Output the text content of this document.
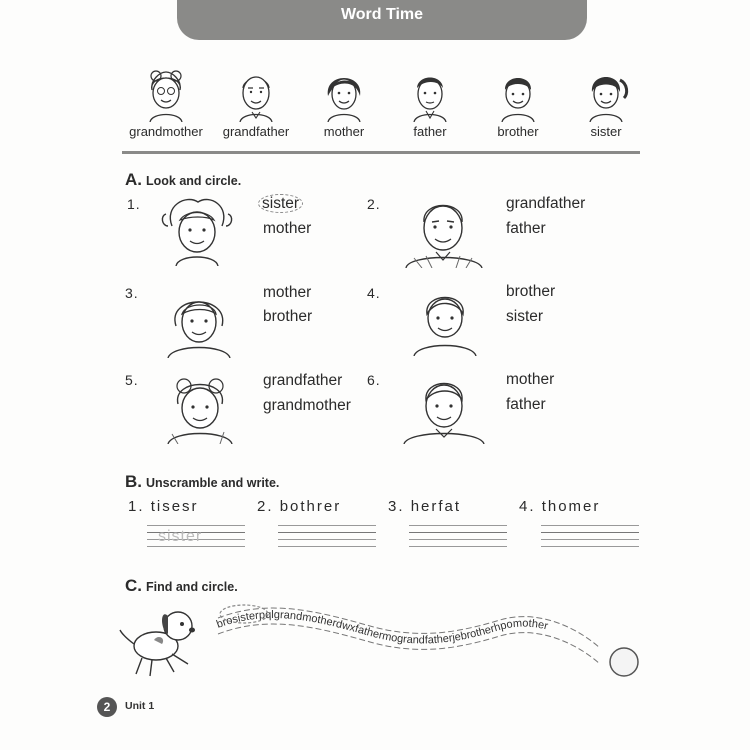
Word Time
grandmother	grandfather	mother	father	brother	sister
A. Look and circle.
1.	sister
mother
2.	grandfather
father
3.	mother
brother
4.	brother
sister
5.	grandfather
grandmother
6.	mother
father
B. Unscramble and write.
1. tisesr	2. bothrer	3. herfat	4. thomer
sister
C. Find and circle.
brosisterpqlgrandmotherdwxfathermograndfatherjebrotherhpomother
2	Unit 1
